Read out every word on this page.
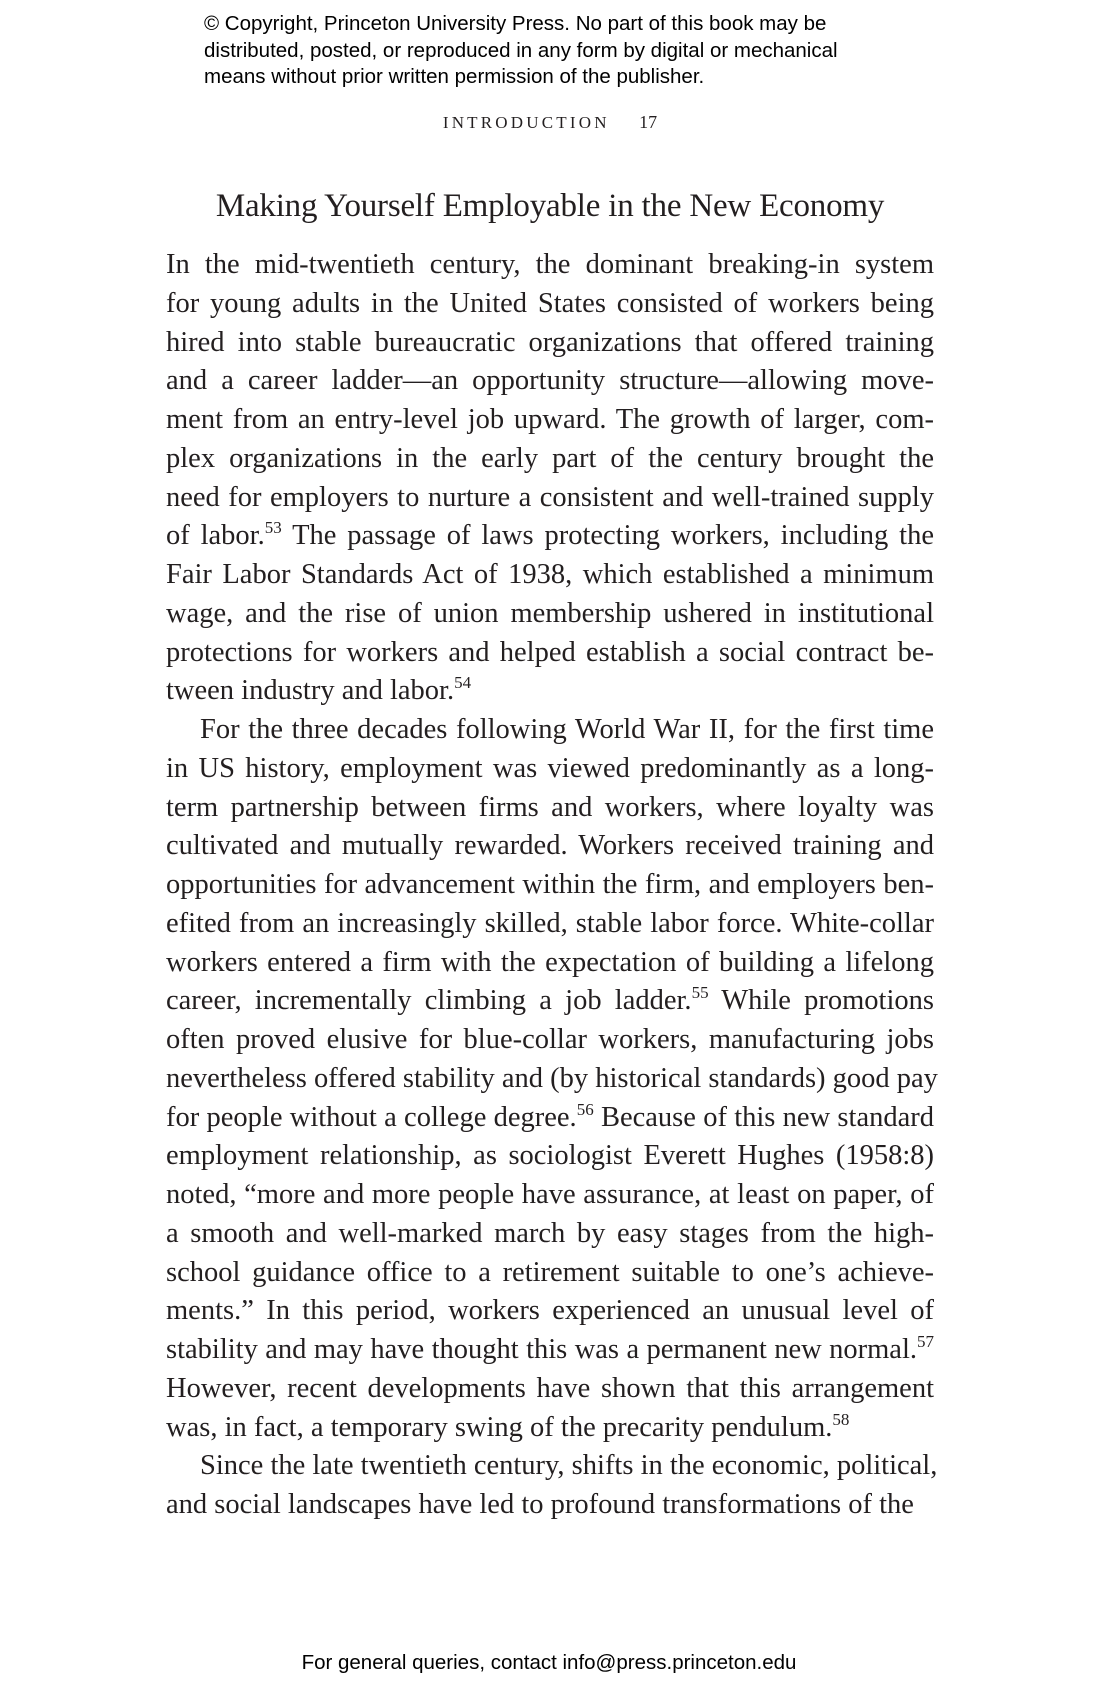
© Copyright, Princeton University Press. No part of this book may be
distributed, posted, or reproduced in any form by digital or mechanical
means without prior written permission of the publisher.
INTRODUCTION 17
Making Yourself Employable in the New Economy
In the mid-twentieth century, the dominant breaking-in system
for young adults in the United States consisted of workers being
hired into stable bureaucratic organizations that offered training
and a career ladder—an opportunity structure—allowing move-
ment from an entry-level job upward. The growth of larger, com-
plex organizations in the early part of the century brought the
need for employers to nurture a consistent and well-trained supply
of labor.$^{53}$ The passage of laws protecting workers, including the
Fair Labor Standards Act of 1938, which established a minimum
wage, and the rise of union membership ushered in institutional
protections for workers and helped establish a social contract be-
tween industry and labor.$^{54}$
For the three decades following World War II, for the first time
in US history, employment was viewed predominantly as a long-
term partnership between firms and workers, where loyalty was
cultivated and mutually rewarded. Workers received training and
opportunities for advancement within the firm, and employers ben-
efited from an increasingly skilled, stable labor force. White-collar
workers entered a firm with the expectation of building a lifelong
career, incrementally climbing a job ladder.$^{55}$ While promotions
often proved elusive for blue-collar workers, manufacturing jobs
nevertheless offered stability and (by historical standards) good pay
for people without a college degree.$^{56}$ Because of this new standard
employment relationship, as sociologist Everett Hughes (1958:8)
noted, “more and more people have assurance, at least on paper, of
a smooth and well-marked march by easy stages from the high-
school guidance office to a retirement suitable to one’s achieve-
ments.” In this period, workers experienced an unusual level of
stability and may have thought this was a permanent new normal.$^{57}$
However, recent developments have shown that this arrangement
was, in fact, a temporary swing of the precarity pendulum.$^{58}$
Since the late twentieth century, shifts in the economic, political,
and social landscapes have led to profound transformations of the
For general queries, contact info@press.princeton.edu
